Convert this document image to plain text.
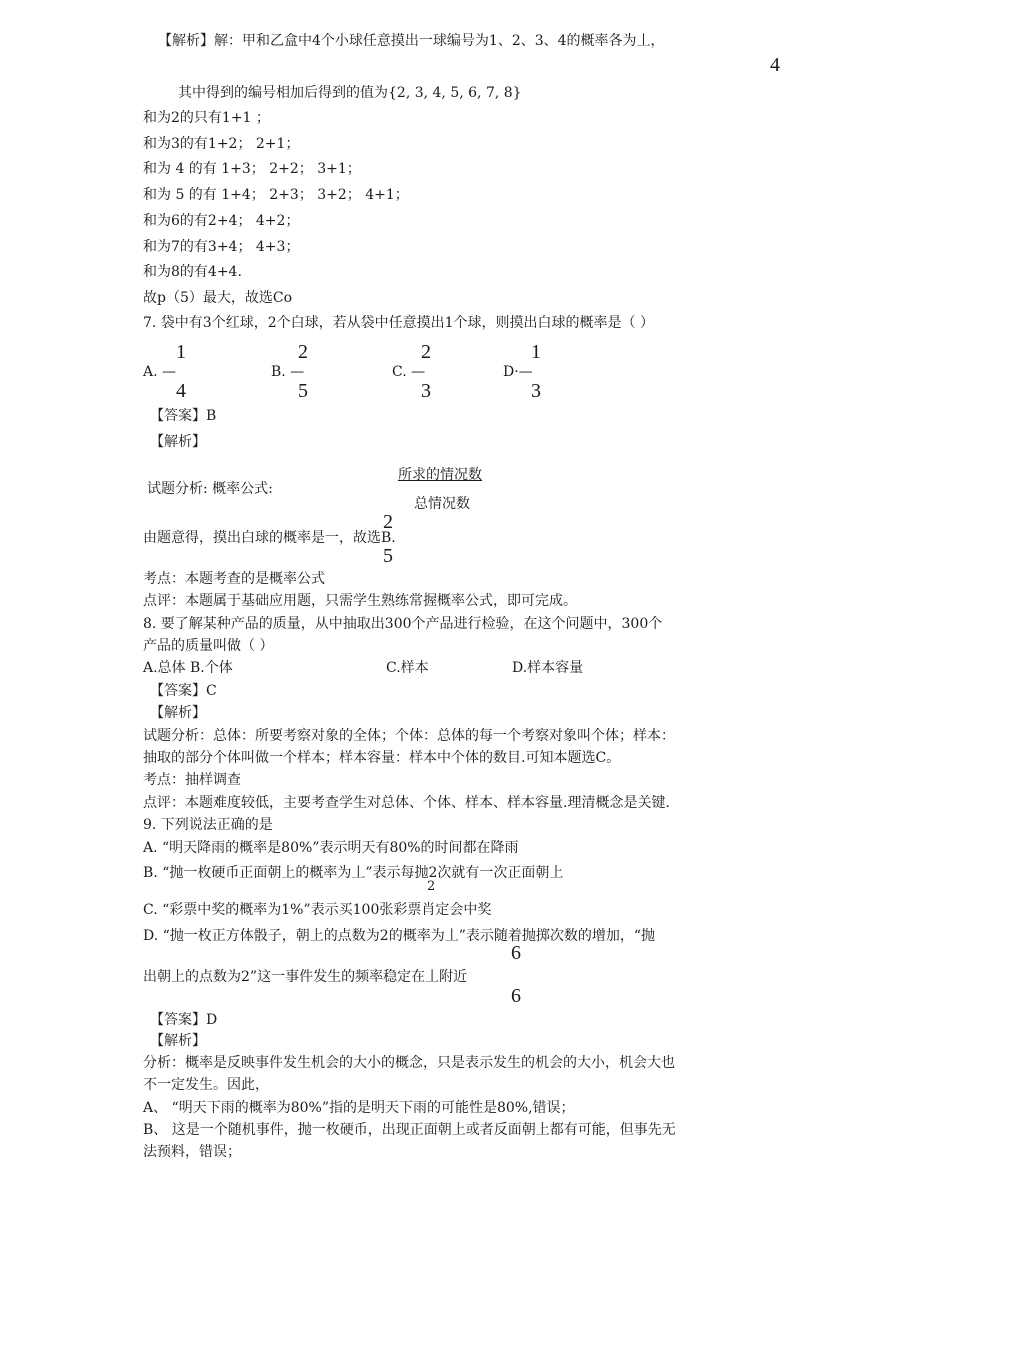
【解析】解：甲和乙盒中4个小球任意摸出一球编号为1、2、3、4的概率各为丄，
4
其中得到的编号相加后得到的值为{2, 3, 4, 5, 6, 7, 8}
和为2的只有1+1 ；
和为3的有1+2； 2+1；
和为 4 的有 1+3； 2+2； 3+1；
和为 5 的有 1+4； 2+3； 3+2； 4+1；
和为6的有2+4； 4+2；
和为7的有3+4； 4+3；
和为8的有4+4.
故p（5）最大，故选Co
7. 袋中有3个红球，2个白球，若从袋中任意摸出1个球，则摸出白球的概率是（ ）
1
A. —
4
2
B. —
5
2
C. —
3
1
D·—
3
【答案】B
【解析】
所求的情况数
试题分析: 概率公式:
总情况数
2
由题意得，摸出白球的概率是一，故选B.
5
考点：本题考查的是概率公式
点评：本题属于基础应用题，只需学生熟练常握概率公式，即可完成。
8. 要了解某种产品的质量，从中抽取出300个产品进行检验，在这个问题中，300个
产品的质量叫做（ ）
A.总体 B.个体	C.样本	D.样本容量
【答案】C
【解析】
试题分析：总体：所要考察对象的全体；个体：总体的每一个考察对象叫个体；样本：
抽取的部分个体叫做一个样本；样本容量：样本中个体的数目.可知本题选C。
考点：抽样调查
点评：本题难度较低，主要考查学生对总体、个体、样本、样本容量.理清概念是关键.
9. 下列说法正确的是
A. “明天降雨的概率是80%”表示明天有80%的时间都在降雨
B. “抛一枚硬币正面朝上的概率为丄”表示每抛2次就有一次正面朝上
2
C. “彩票中奖的概率为1%”表示买100张彩票肖定会中奖
D. “抛一枚正方体骰子，朝上的点数为2的概率为丄”表示随着抛掷次数的增加，“抛
6
出朝上的点数为2”这一事件发生的频率稳定在丄附近
6
【答案】D
【解析】
分析：概率是反映事件发生机会的大小的概念，只是表示发生的机会的大小，机会大也
不一定发生。因此，
A、 “明天下雨的概率为80%”指的是明天下雨的可能性是80%,错误；
B、 这是一个随机事件，抛一枚硬币，出现正面朝上或者反面朝上都有可能，但事先无
法预料，错误；
